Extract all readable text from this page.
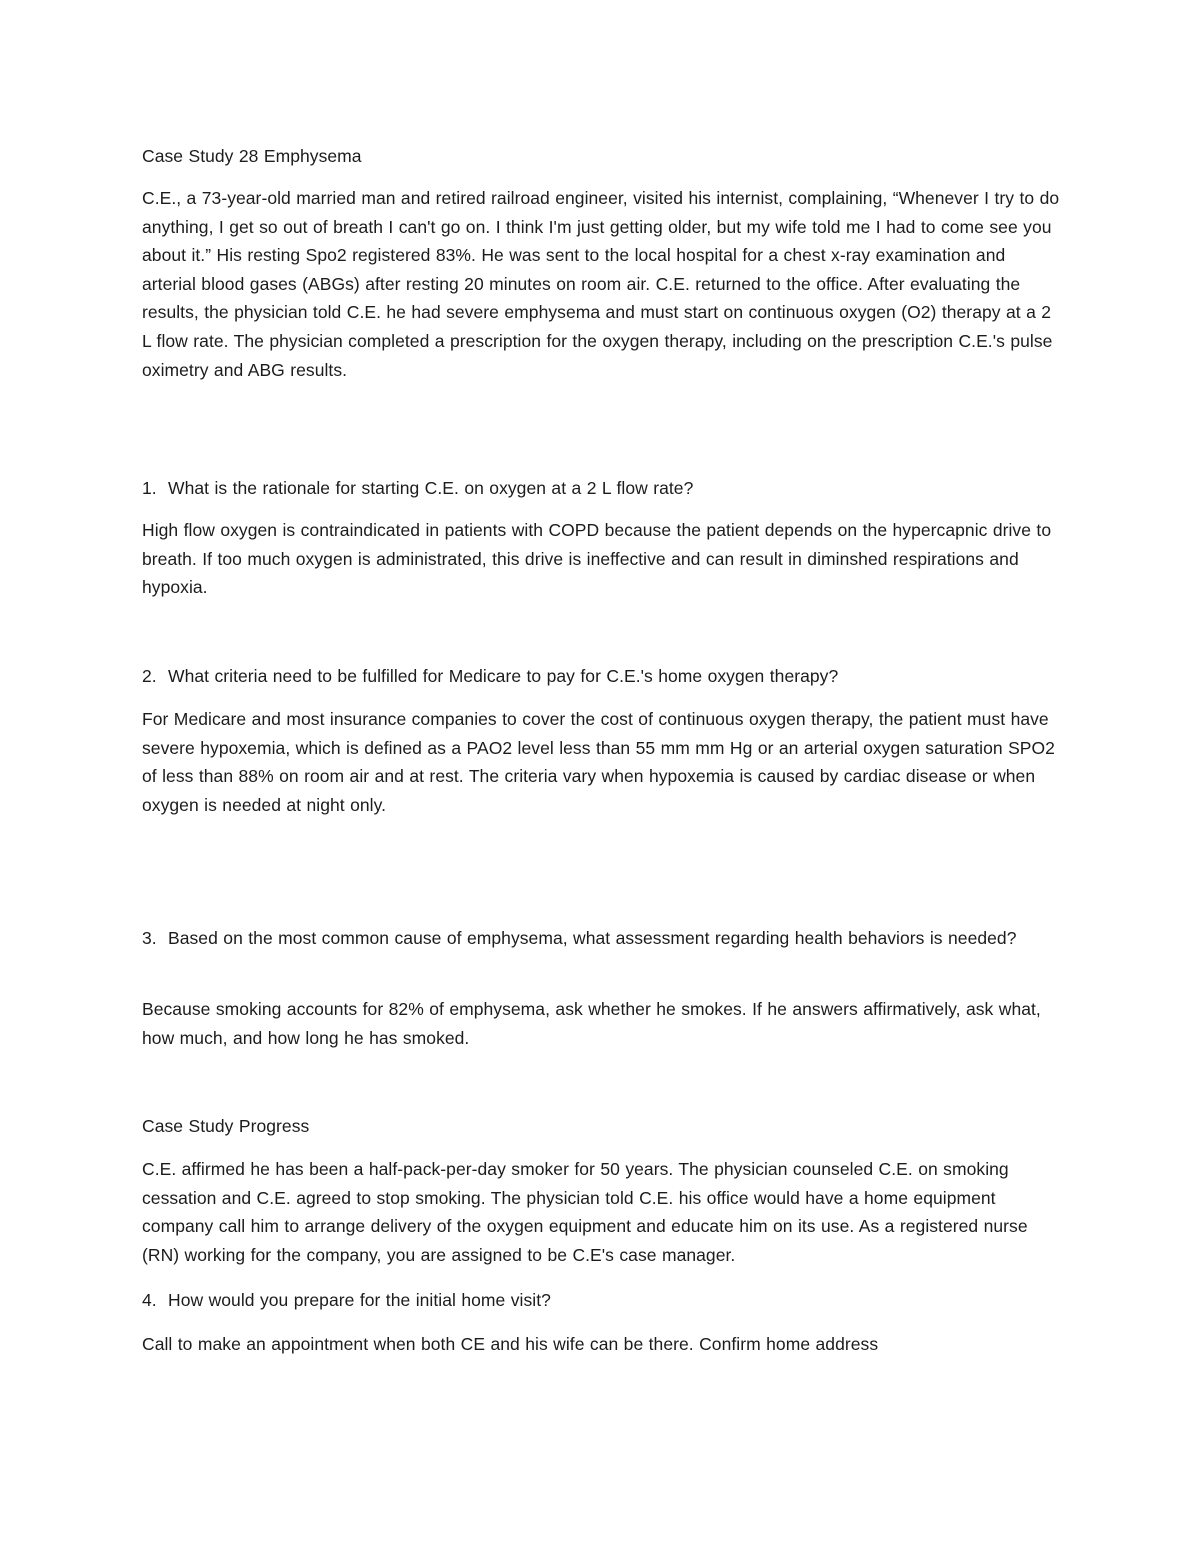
Case Study 28 Emphysema

C.E., a 73-year-old married man and retired railroad engineer, visited his internist, complaining, “Whenever I try to do anything, I get so out of breath I can't go on. I think I'm just getting older, but my wife told me I had to come see you about it.” His resting Spo2 registered 83%. He was sent to the local hospital for a chest x-ray examination and arterial blood gases (ABGs) after resting 20 minutes on room air. C.E. returned to the office. After evaluating the results, the physician told C.E. he had severe emphysema and must start on continuous oxygen (O2) therapy at a 2 L flow rate. The physician completed a prescription for the oxygen therapy, including on the prescription C.E.'s pulse oximetry and ABG results.

1. What is the rationale for starting C.E. on oxygen at a 2 L flow rate?

High flow oxygen is contraindicated in patients with COPD because the patient depends on the hypercapnic drive to breath. If too much oxygen is administrated, this drive is ineffective and can result in diminshed respirations and hypoxia.

2. What criteria need to be fulfilled for Medicare to pay for C.E.'s home oxygen therapy?

For Medicare and most insurance companies to cover the cost of continuous oxygen therapy, the patient must have severe hypoxemia, which is defined as a PAO2 level less than 55 mm mm Hg or an arterial oxygen saturation SPO2 of less than 88% on room air and at rest. The criteria vary when hypoxemia is caused by cardiac disease or when oxygen is needed at night only.

3. Based on the most common cause of emphysema, what assessment regarding health behaviors is needed?

Because smoking accounts for 82% of emphysema, ask whether he smokes. If he answers affirmatively, ask what, how much, and how long he has smoked.

Case Study Progress

C.E. affirmed he has been a half-pack-per-day smoker for 50 years. The physician counseled C.E. on smoking cessation and C.E. agreed to stop smoking. The physician told C.E. his office would have a home equipment company call him to arrange delivery of the oxygen equipment and educate him on its use. As a registered nurse (RN) working for the company, you are assigned to be C.E's case manager.

4. How would you prepare for the initial home visit?

Call to make an appointment when both CE and his wife can be there. Confirm home address
